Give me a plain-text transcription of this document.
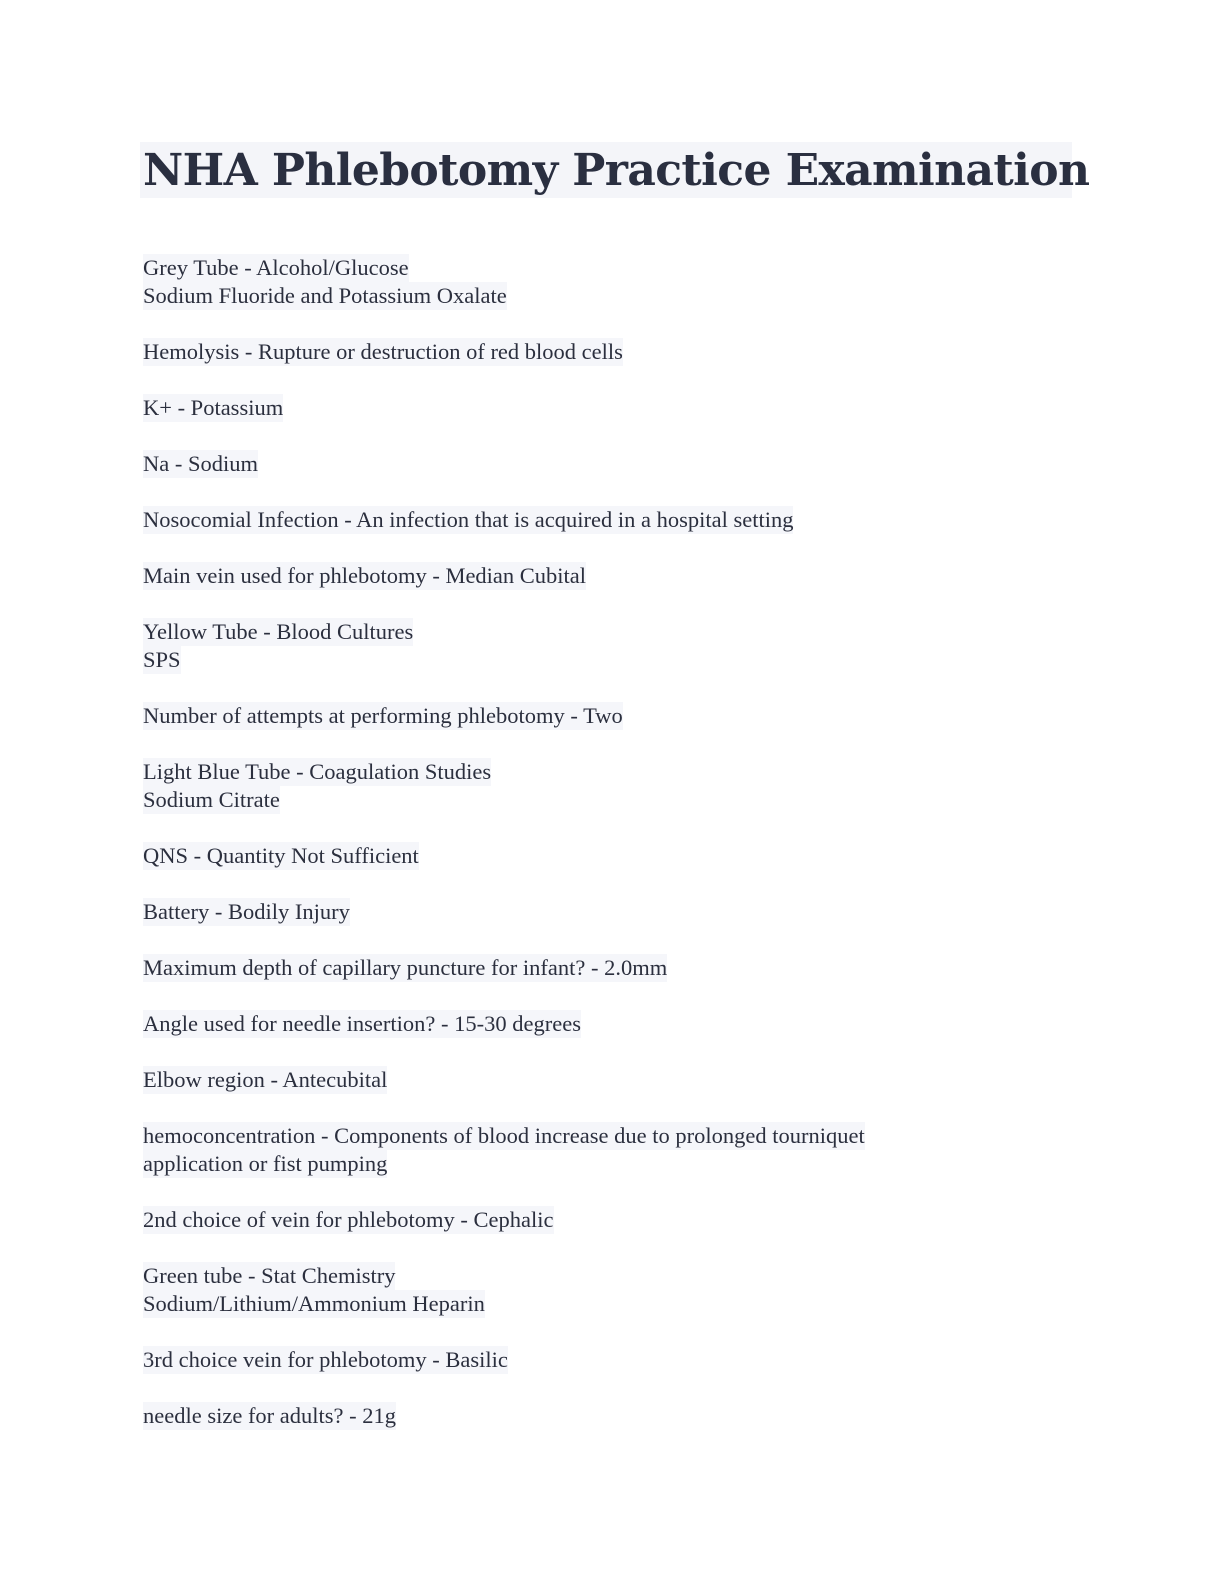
NHA Phlebotomy Practice Examination
Grey Tube - Alcohol/Glucose
Sodium Fluoride and Potassium Oxalate
Hemolysis - Rupture or destruction of red blood cells
K+ - Potassium
Na - Sodium
Nosocomial Infection - An infection that is acquired in a hospital setting
Main vein used for phlebotomy - Median Cubital
Yellow Tube - Blood Cultures
SPS
Number of attempts at performing phlebotomy - Two
Light Blue Tube - Coagulation Studies
Sodium Citrate
QNS - Quantity Not Sufficient
Battery - Bodily Injury
Maximum depth of capillary puncture for infant? - 2.0mm
Angle used for needle insertion? - 15-30 degrees
Elbow region - Antecubital
hemoconcentration - Components of blood increase due to prolonged tourniquet
application or fist pumping
2nd choice of vein for phlebotomy - Cephalic
Green tube - Stat Chemistry
Sodium/Lithium/Ammonium Heparin
3rd choice vein for phlebotomy - Basilic
needle size for adults? - 21g
